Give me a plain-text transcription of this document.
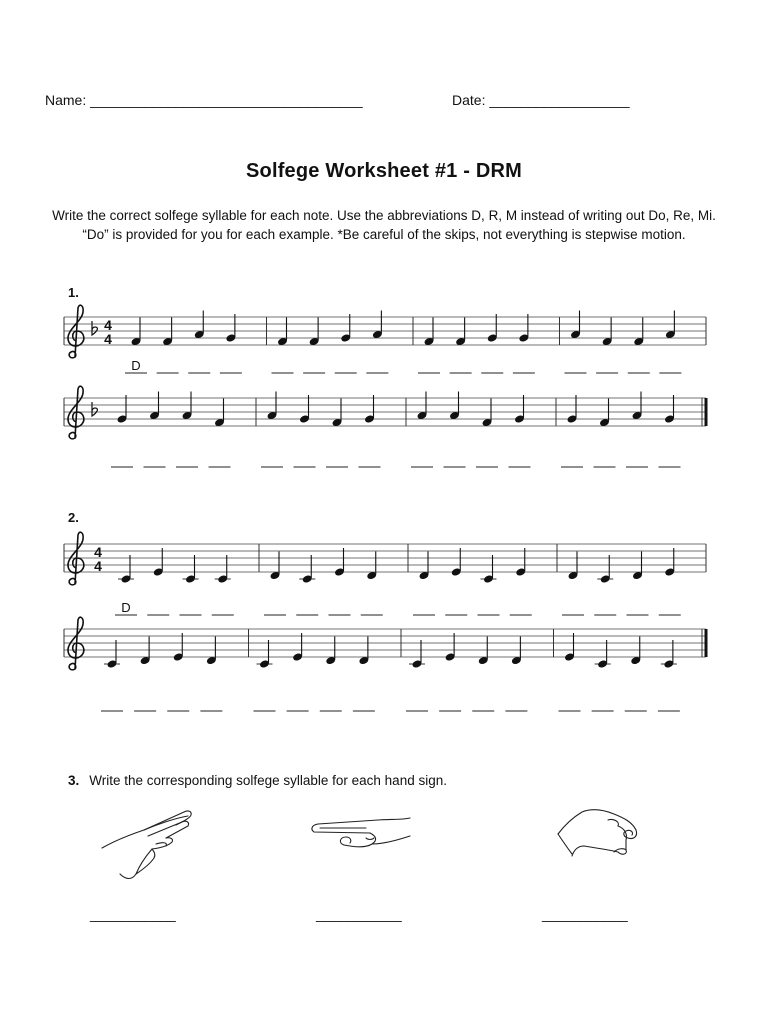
Name: ___________________________________	Date: __________________
Solfege Worksheet #1 - DRM
Write the correct solfege syllable for each note. Use the abbreviations D, R, M instead of writing out Do, Re, Mi. “Do” is provided for you for each example. *Be careful of the skips, not everything is stepwise motion.
1.
2.
4
4
D
4
4
D
3. Write the corresponding solfege syllable for each hand sign.
___________	___________	___________
